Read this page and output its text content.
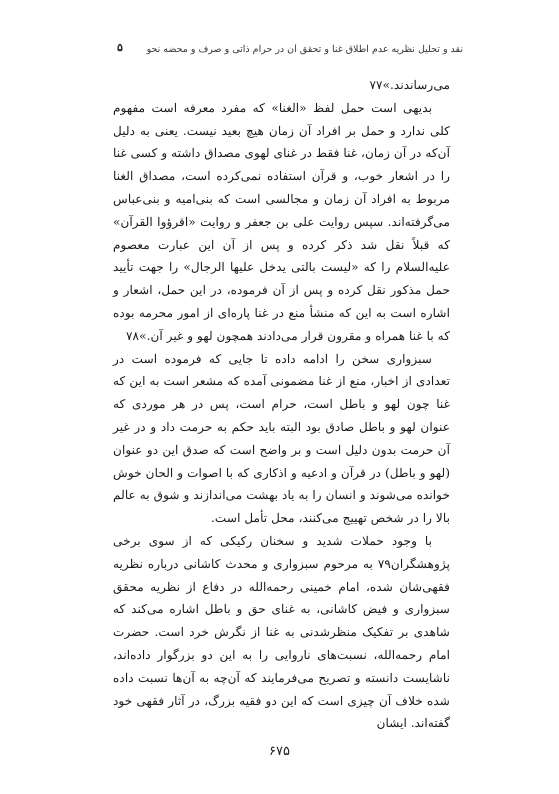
۵	نقد و تحلیل نظریه عدم اطلاق غنا و تحقق آن در حرام ذاتی و صرف و محضه نحو

می‌رساندند.»۷۷

بدیهی است حمل لفظ «الغنا» که مفرد معرفه است مفهوم کلی ندارد و حمل بر افراد آن زمان هیچ بعید نیست. یعنی به دلیل آن‌که در آن زمان، غنا فقط در غنای لهوی مصداق داشته و کسی غنا را در اشعار خوب، و قرآن استفاده نمی‌کرده است، مصداق الغنا مربوط به افراد آن زمان و مجالسی است که بنی‌امیه و بنی‌عباس می‌گرفته‌اند. سپس روایت علی بن جعفر و روایت «اقرؤوا القرآن» که قبلاً نقل شد ذکر کرده و پس از آن این عبارت معصوم علیه‌السلام را که «لیست بالتی یدخل علیها الرجال» را جهت تأیید حمل مذکور نقل کرده و پس از آن فرموده، در این حمل، اشعار و اشاره است به این که منشأ منع در غنا پاره‌ای از امور محرمه بوده که با غنا همراه و مقرون قرار می‌دادند همچون لهو و غیر آن.»۷۸

سبزواری سخن را ادامه داده تا جایی که فرموده است در تعدادی از اخبار، منع از غنا مضمونی آمده که مشعر است به این که غنا چون لهو و باطل است، حرام است، پس در هر موردی که عنوان لهو و باطل صادق بود البته باید حکم به حرمت داد و در غیر آن حرمت بدون دلیل است و بر واضح است که صدق این دو عنوان (لهو و باطل) در قرآن و ادعیه و اذکاری که با اصوات و الحان خوش خوانده می‌شوند و انسان را به یاد بهشت می‌اندازند و شوق به عالم بالا را در شخص تهییج می‌کنند، محل تأمل است.

با وجود حملات شدید و سخنان رکیکی که از سوی برخی پژوهشگران۷۹ به مرحوم سبزواری و محدث کاشانی درباره نظریه فقهی‌شان شده، امام خمینی رحمه‌الله در دفاع از نظریه محقق سبزواری و فیض کاشانی، به غنای حق و باطل اشاره می‌کند که شاهدی بر تفکیک منظرشدنی به غنا از نگرش خرد است. حضرت امام رحمه‌الله، نسبت‌های ناروایی را به این دو بزرگوار داده‌اند، ناشایست دانسته و تصریح می‌فرمایند که آن‌چه به آن‌ها نسبت داده شده خلاف آن چیزی است که این دو فقیه بزرگ، در آثار فقهی خود گفته‌اند. ایشان

۶۷۵
